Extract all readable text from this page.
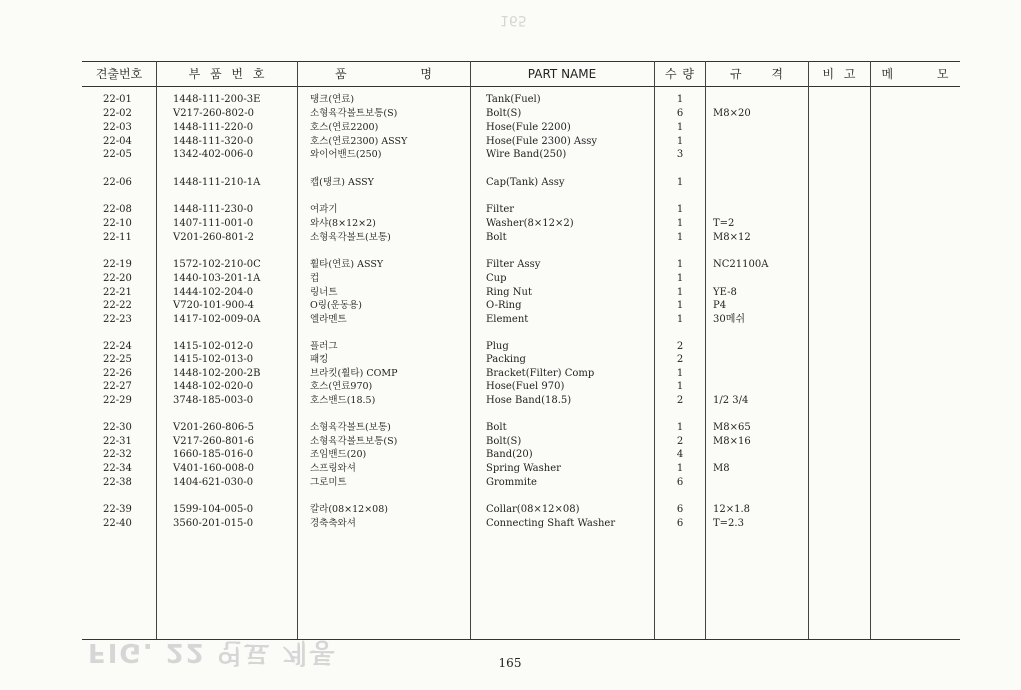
165
FIG. 22 연료 계통
견출번호	부 품 번 호	품 명	PART NAME	수 량	규 격	비 고	메 모
22-01	1448-111-200-3E	탱크(연료)	Tank(Fuel)	1
22-02	V217-260-802-0	소형육각볼트보통(S)	Bolt(S)	6	M8×20
22-03	1448-111-220-0	호스(연료2200)	Hose(Fule 2200)	1
22-04	1448-111-320-0	호스(연료2300) ASSY	Hose(Fule 2300) Assy	1
22-05	1342-402-006-0	와이어밴드(250)	Wire Band(250)	3
22-06	1448-111-210-1A	캡(탱크) ASSY	Cap(Tank) Assy	1
22-08	1448-111-230-0	여과기	Filter	1
22-10	1407-111-001-0	와샤(8×12×2)	Washer(8×12×2)	1	T=2
22-11	V201-260-801-2	소형육각볼트(보통)	Bolt	1	M8×12
22-19	1572-102-210-0C	휠타(연료) ASSY	Filter Assy	1	NC21100A
22-20	1440-103-201-1A	컵	Cup	1
22-21	1444-102-204-0	링너트	Ring Nut	1	YE-8
22-22	V720-101-900-4	O링(운동용)	O-Ring	1	P4
22-23	1417-102-009-0A	엘라멘트	Element	1	30메쉬
22-24	1415-102-012-0	플러그	Plug	2
22-25	1415-102-013-0	패킹	Packing	2
22-26	1448-102-200-2B	브라킷(휠타) COMP	Bracket(Filter) Comp	1
22-27	1448-102-020-0	호스(연료970)	Hose(Fuel 970)	1
22-29	3748-185-003-0	호스밴드(18.5)	Hose Band(18.5)	2	1/2 3/4
22-30	V201-260-806-5	소형육각볼트(보통)	Bolt	1	M8×65
22-31	V217-260-801-6	소형육각볼트보통(S)	Bolt(S)	2	M8×16
22-32	1660-185-016-0	조임밴드(20)	Band(20)	4
22-34	V401-160-008-0	스프링와셔	Spring Washer	1	M8
22-38	1404-621-030-0	그로미트	Grommite	6
22-39	1599-104-005-0	칼라(08×12×08)	Collar(08×12×08)	6	12×1.8
22-40	3560-201-015-0	경축축와셔	Connecting Shaft Washer	6	T=2.3
165
